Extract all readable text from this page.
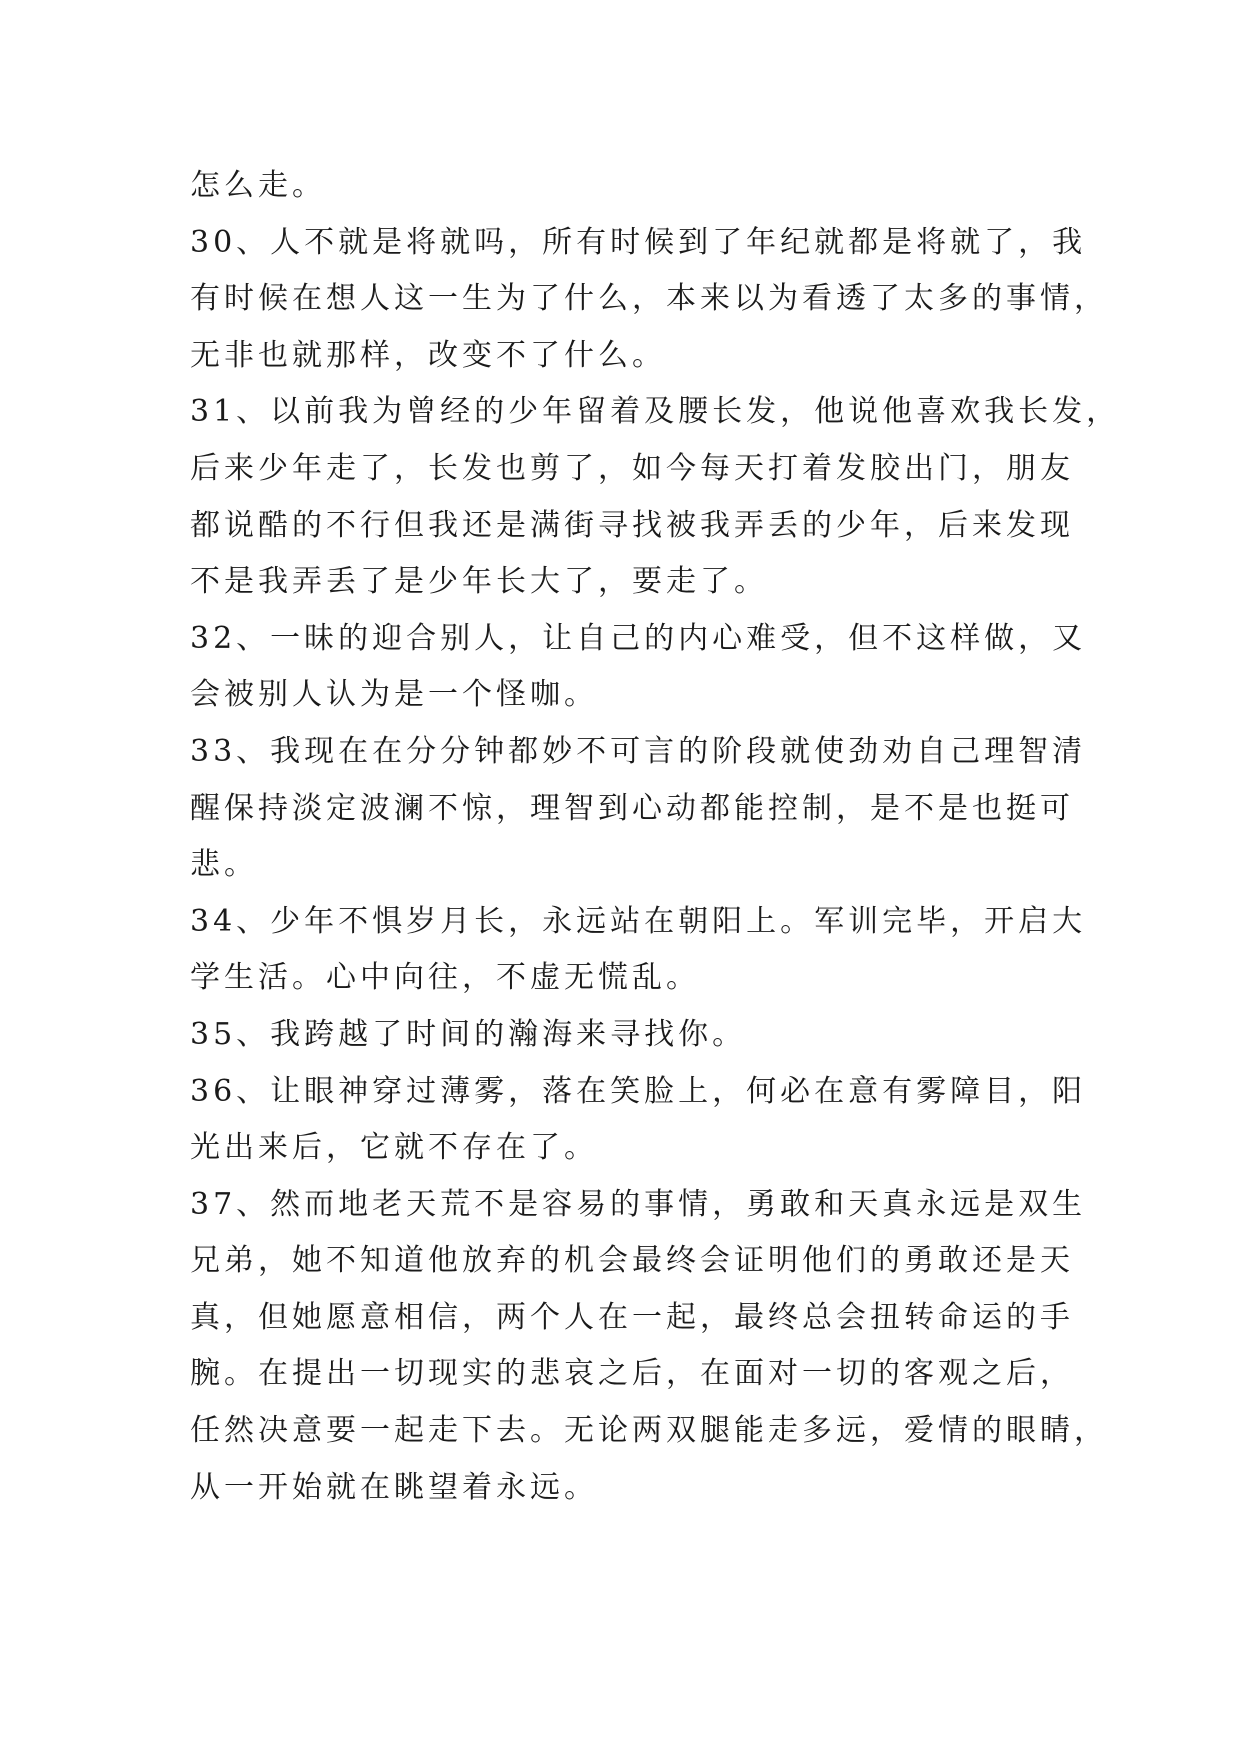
怎么走。

30、人不就是将就吗，所有时候到了年纪就都是将就了，我

有时候在想人这一生为了什么，本来以为看透了太多的事情，

无非也就那样，改变不了什么。

31、以前我为曾经的少年留着及腰长发，他说他喜欢我长发，

后来少年走了，长发也剪了，如今每天打着发胶出门，朋友

都说酷的不行但我还是满街寻找被我弄丢的少年，后来发现

不是我弄丢了是少年长大了，要走了。

32、一昧的迎合别人，让自己的内心难受，但不这样做，又

会被别人认为是一个怪咖。

33、我现在在分分钟都妙不可言的阶段就使劲劝自己理智清

醒保持淡定波澜不惊，理智到心动都能控制，是不是也挺可

悲。

34、少年不惧岁月长，永远站在朝阳上。军训完毕，开启大

学生活。心中向往，不虚无慌乱。

35、我跨越了时间的瀚海来寻找你。

36、让眼神穿过薄雾，落在笑脸上，何必在意有雾障目，阳

光出来后，它就不存在了。

37、然而地老天荒不是容易的事情，勇敢和天真永远是双生

兄弟，她不知道他放弃的机会最终会证明他们的勇敢还是天

真，但她愿意相信，两个人在一起，最终总会扭转命运的手

腕。在提出一切现实的悲哀之后，在面对一切的客观之后，

任然决意要一起走下去。无论两双腿能走多远，爱情的眼睛，

从一开始就在眺望着永远。
